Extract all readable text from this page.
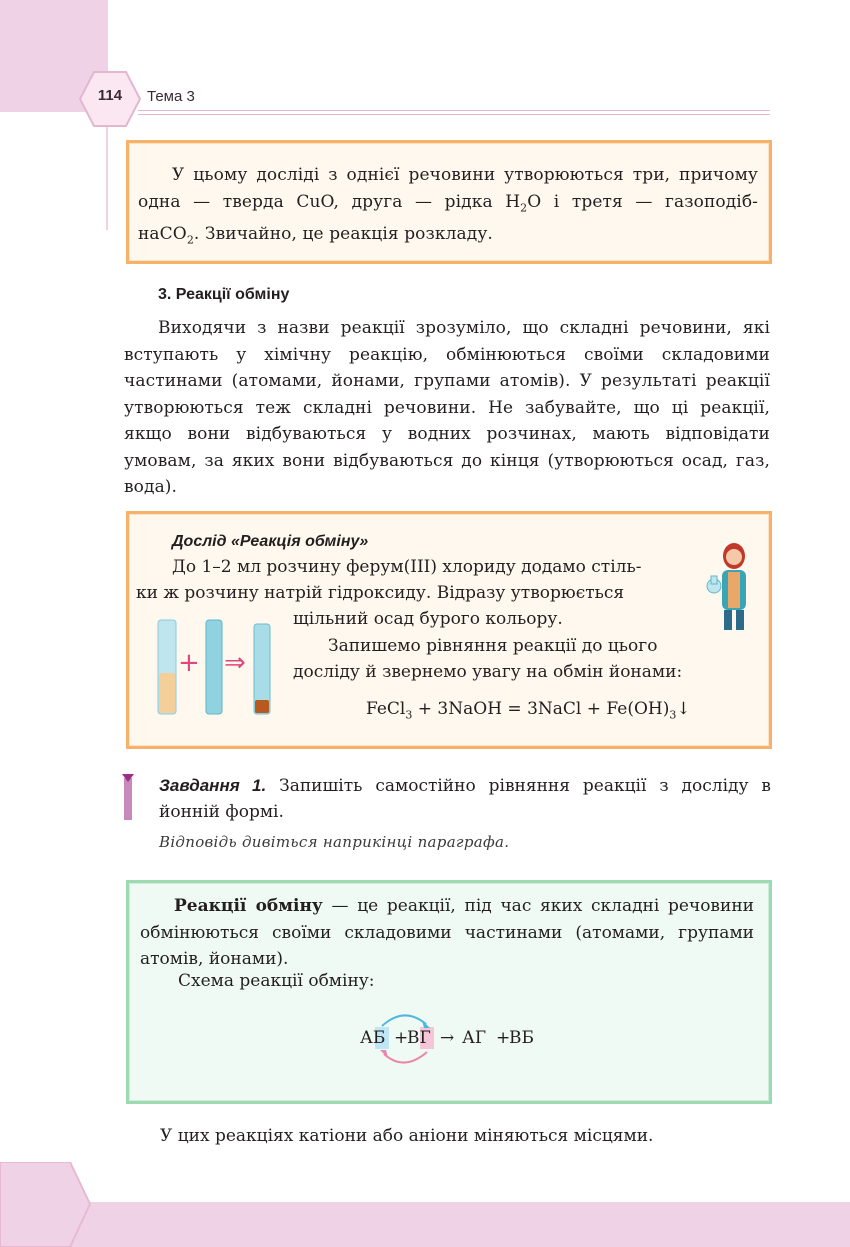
114	Тема 3
У цьому досліді з однієї речовини утворюються три, причому
одна — тверда CuO, друга — рідка $H_2O$ і третя — газоподіб-
наCO$_2$. Звичайно, це реакція розкладу.
3. Реакції обміну
Виходячи з назви реакції зрозуміло, що складні речовини, які вступають у хімічну реакцію, обмінюються своїми складовими частинами (атомами, йонами, групами атомів). У результаті реакції утворюються теж складні речовини. Не забувайте, що ці реакції, якщо вони відбуваються у водних розчинах, мають відповідати умовам, за яких вони відбуваються до кінця (утворюються осад, газ, вода).
Дослід «Реакція обміну»
До 1–2 мл розчину ферум(ІІІ) хлориду додамо стіль-
ки ж розчину натрій гідроксиду. Відразу утворюється
щільний осад бурого кольору.
Запишемо рівняння реакції до цього
досліду й звернемо увагу на обмін йонами:
FeCl$_3$ + 3NaOH = 3NaCl + $Fe(OH)_3↓$
+ ⇒
Завдання 1. Запишіть самостійно рівняння реакції з досліду в йонній формі.
Відповідь дивіться наприкінці параграфа.
Реакції обміну — це реакції, під час яких складні речовини обмінюються своїми складовими частинами (атомами, групами атомів, йонами).
Схема реакції обміну:
АБ +
ВГ → АГ +
ВБ
У цих реакціях катіони або аніони міняються місцями.
